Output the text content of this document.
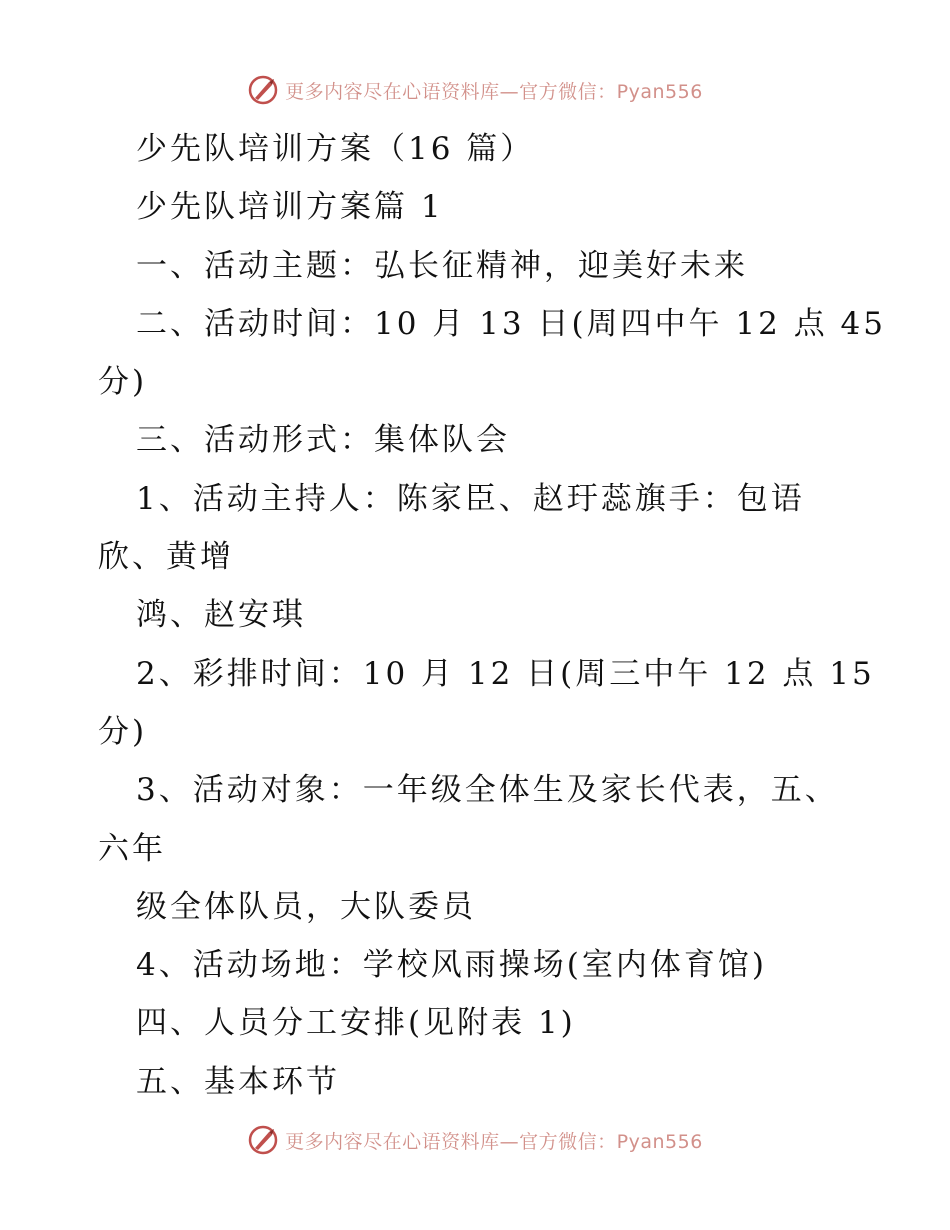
更多内容尽在心语资料库—官方微信：Pyan556
少先队培训方案（16 篇）
少先队培训方案篇 1
一、活动主题：弘长征精神，迎美好未来
二、活动时间：10 月 13 日(周四中午 12 点 45
分)
三、活动形式：集体队会
1、活动主持人：陈家臣、赵玗蕊旗手：包语
欣、黄增
鸿、赵安琪
2、彩排时间：10 月 12 日(周三中午 12 点 15
分)
3、活动对象：一年级全体生及家长代表，五、
六年
级全体队员，大队委员
4、活动场地：学校风雨操场(室内体育馆)
四、人员分工安排(见附表 1)
五、基本环节
更多内容尽在心语资料库—官方微信：Pyan556
